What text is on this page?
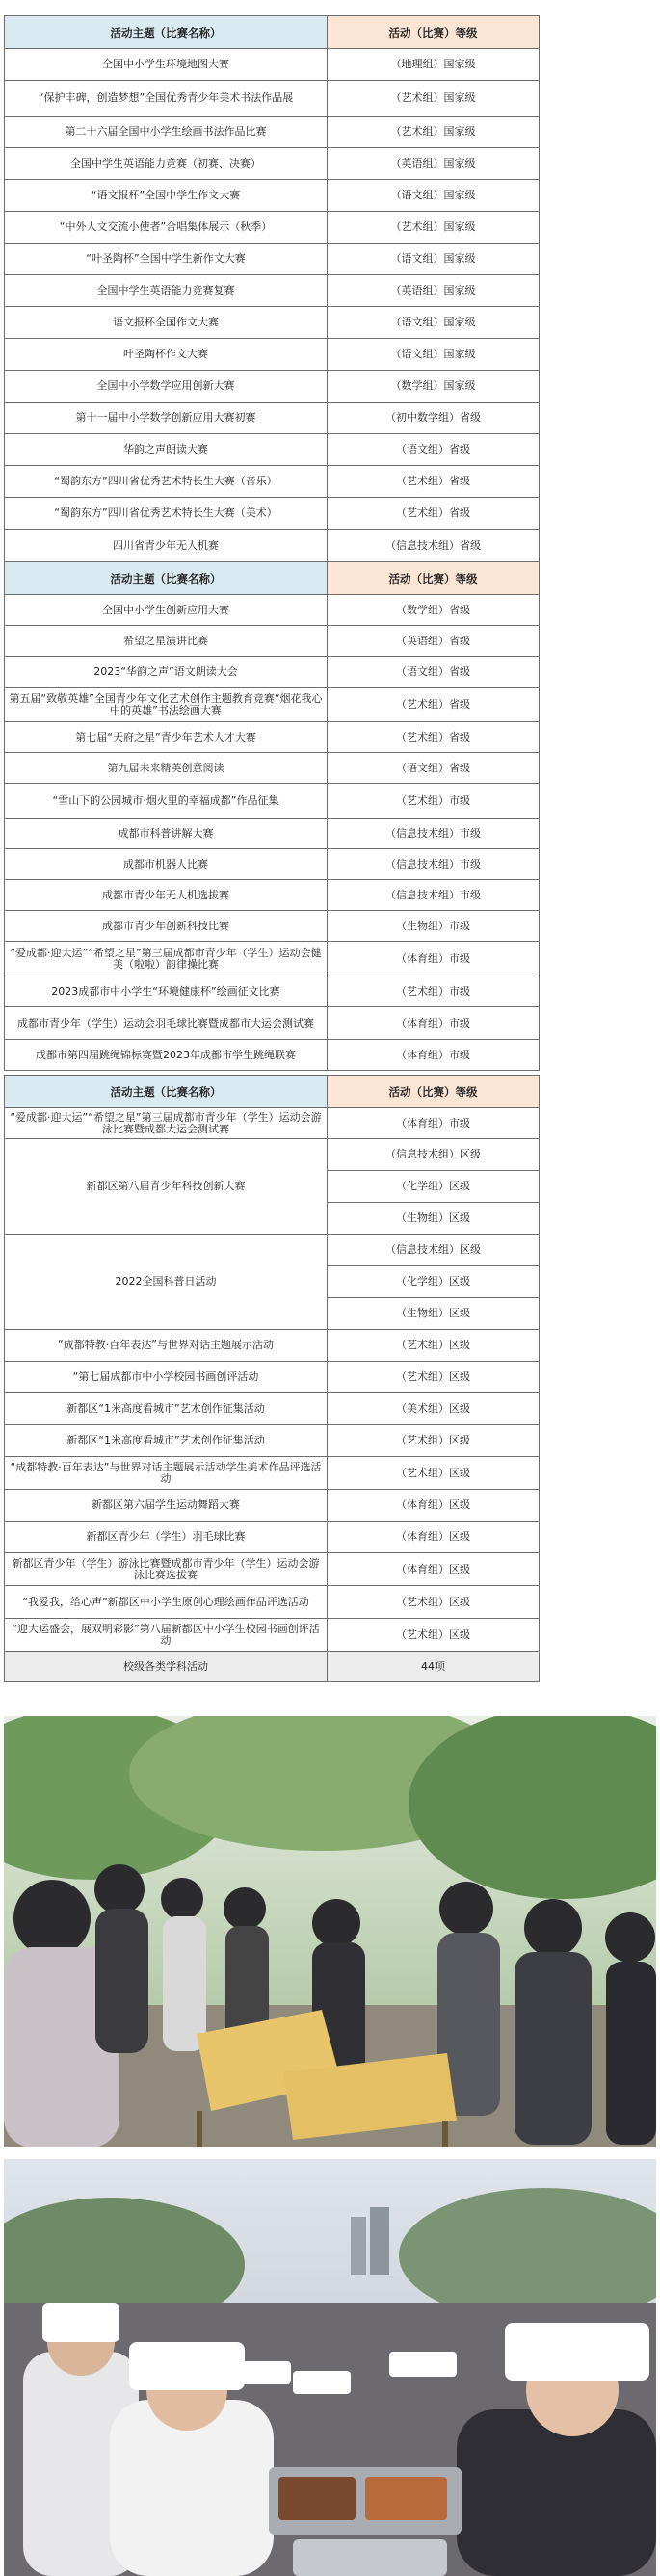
活动主题（比赛名称）	活动（比赛）等级
全国中小学生环境地图大赛	（地理组）国家级
“保护丰碑，创造梦想”全国优秀青少年美术书法作品展	（艺术组）国家级
第二十六届全国中小学生绘画书法作品比赛	（艺术组）国家级
全国中学生英语能力竞赛（初赛、决赛）	（英语组）国家级
“语文报杯”全国中学生作文大赛	（语文组）国家级
“中外人文交流小使者”合唱集体展示（秋季）	（艺术组）国家级
“叶圣陶杯”全国中学生新作文大赛	（语文组）国家级
全国中学生英语能力竞赛复赛	（英语组）国家级
语文报杯全国作文大赛	（语文组）国家级
叶圣陶杯作文大赛	（语文组）国家级
全国中小学数学应用创新大赛	（数学组）国家级
第十一届中小学数学创新应用大赛初赛	（初中数学组）省级
华韵之声朗读大赛	（语文组）省级
“蜀韵东方”四川省优秀艺术特长生大赛（音乐）	（艺术组）省级
“蜀韵东方”四川省优秀艺术特长生大赛（美术）	（艺术组）省级
四川省青少年无人机赛	（信息技术组）省级
活动主题（比赛名称）	活动（比赛）等级
全国中小学生创新应用大赛	（数学组）省级
希望之星演讲比赛	（英语组）省级
2023“华韵之声”语文朗读大会	（语文组）省级
第五届“致敬英雄”全国青少年文化艺术创作主题教育竞赛“烟花我心中的英雄”书法绘画大赛	（艺术组）省级
第七届“天府之星”青少年艺术人才大赛	（艺术组）省级
第九届未来精英创意阅读	（语文组）省级
“雪山下的公园城市·烟火里的幸福成都”作品征集	（艺术组）市级
成都市科普讲解大赛	（信息技术组）市级
成都市机器人比赛	（信息技术组）市级
成都市青少年无人机选拔赛	（信息技术组）市级
成都市青少年创新科技比赛	（生物组）市级
“爱成都·迎大运”“希望之星”第三届成都市青少年（学生）运动会健美（啦啦）韵律操比赛	（体育组）市级
2023成都市中小学生“环境健康杯”绘画征文比赛	（艺术组）市级
成都市青少年（学生）运动会羽毛球比赛暨成都市大运会测试赛	（体育组）市级
成都市第四届跳绳锦标赛暨2023年成都市学生跳绳联赛	（体育组）市级
活动主题（比赛名称）	活动（比赛）等级
“爱成都·迎大运”“希望之星”第三届成都市青少年（学生）运动会游泳比赛暨成都大运会测试赛	（体育组）市级
新都区第八届青少年科技创新大赛	（信息技术组）区级
	（化学组）区级
	（生物组）区级
2022全国科普日活动	（信息技术组）区级
	（化学组）区级
	（生物组）区级
“成都特教·百年表达”与世界对话主题展示活动	（艺术组）区级
“第七届成都市中小学校园书画创评活动	（艺术组）区级
新都区“1米高度看城市”艺术创作征集活动	（美术组）区级
新都区“1米高度看城市”艺术创作征集活动	（艺术组）区级
“成都特教·百年表达”与世界对话主题展示活动学生美术作品评选活动	（艺术组）区级
新都区第六届学生运动舞蹈大赛	（体育组）区级
新都区青少年（学生）羽毛球比赛	（体育组）区级
新都区青少年（学生）游泳比赛暨成都市青少年（学生）运动会游泳比赛选拔赛	（体育组）区级
“我爱我，给心声”新都区中小学生原创心理绘画作品评选活动	（艺术组）区级
“迎大运盛会，展双明彩影”第八届新都区中小学生校园书画创评活动	（艺术组）区级
校级各类学科活动	44项
